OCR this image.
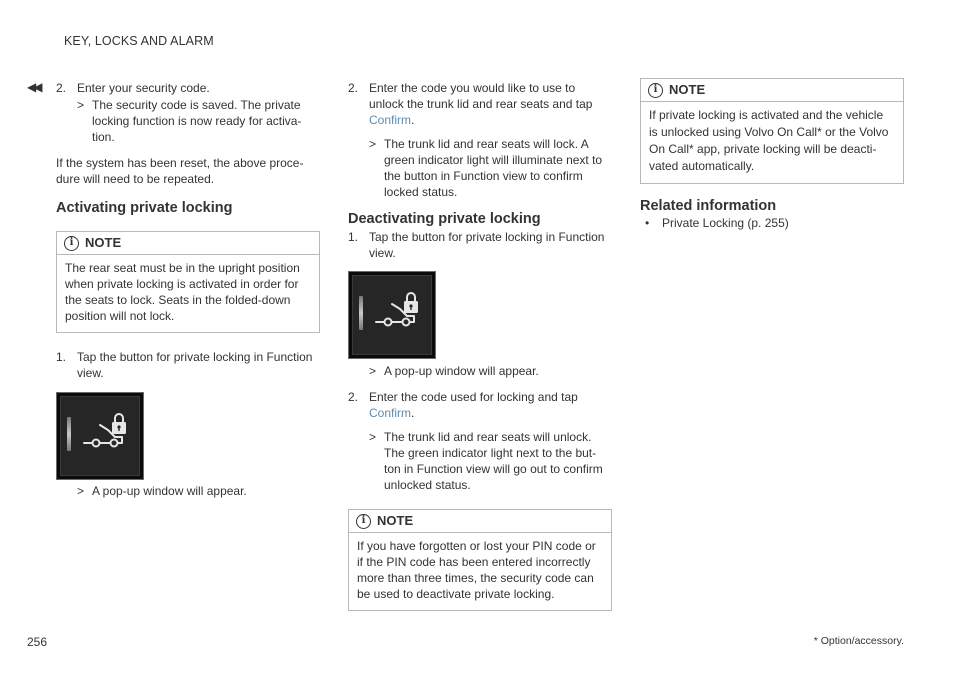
KEY, LOCKS AND ALARM
◀◀ 2. Enter your security code.

> The security code is saved. The private locking function is now ready for activa-tion.

If the system has been reset, the above proce-dure will need to be repeated.

Activating private locking
i NOTE
The rear seat must be in the upright position when private locking is activated in order for the seats to lock. Seats in the folded-down position will not lock.

1. Tap the button for private locking in Function view.

> A pop-up window will appear.

2. Enter the code you would like to use to unlock the trunk lid and rear seats and tap
Confirm.

> The trunk lid and rear seats will lock. A green indicator light will illuminate next to the button in Function view to confirm locked status.

Deactivating private locking

1. Tap the button for private locking in Function view.

> A pop-up window will appear.

2. Enter the code used for locking and tap
Confirm.

> The trunk lid and rear seats will unlock. The green indicator light next to the but-ton in Function view will go out to confirm unlocked status.

i NOTE
If you have forgotten or lost your PIN code or if the PIN code has been entered incorrectly more than three times, the security code can be used to deactivate private locking.
i NOTE
If private locking is activated and the vehicle is unlocked using Volvo On Call* or the Volvo On Call* app, private locking will be deacti-vated automatically.
Related information

• Private Locking (p. 255)

256	* Option/accessory.
